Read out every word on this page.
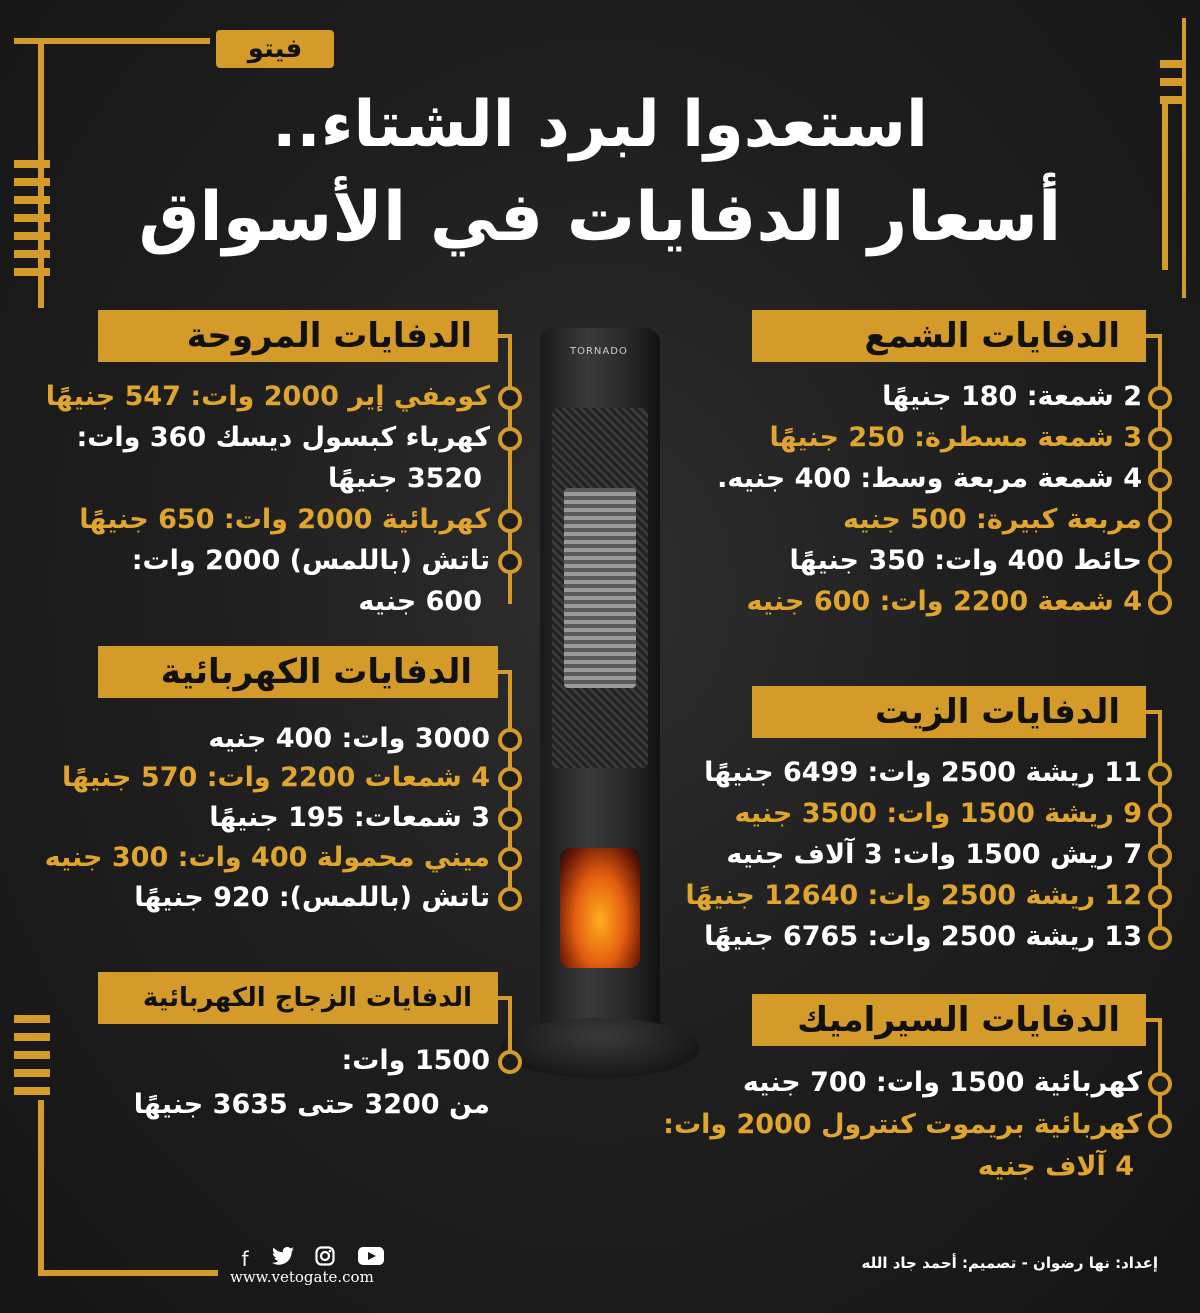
فيتو
استعدوا لبرد الشتاء..
أسعار الدفايات في الأسواق
TORNADO	الدفايات الشمع
2 شمعة: 180 جنيهًا
3 شمعة مسطرة: 250 جنيهًا
4 شمعة مربعة وسط: 400 جنيه.
مربعة كبيرة: 500 جنيه
حائط 400 وات: 350 جنيهًا
4 شمعة 2200 وات: 600 جنيه
الدفايات الزيت
11 ريشة 2500 وات: 6499 جنيهًا
9 ريشة 1500 وات: 3500 جنيه
7 ريش 1500 وات: 3 آلاف جنيه
12 ريشة 2500 وات: 12640 جنيهًا
13 ريشة 2500 وات: 6765 جنيهًا
الدفايات السيراميك
كهربائية 1500 وات: 700 جنيه
كهربائية بريموت كنترول 2000 وات:
4 آلاف جنيه
الدفايات المروحة
كومفي إير 2000 وات: 547 جنيهًا
كهرباء كبسول ديسك 360 وات:
3520 جنيهًا
كهربائية 2000 وات: 650 جنيهًا
تاتش (باللمس) 2000 وات:
600 جنيه
الدفايات الكهربائية
3000 وات: 400 جنيه
4 شمعات 2200 وات: 570 جنيهًا
3 شمعات: 195 جنيهًا
ميني محمولة 400 وات: 300 جنيه
تاتش (باللمس): 920 جنيهًا
الدفايات الزجاج الكهربائية
1500 وات:
من 3200 حتى 3635 جنيهًا
f
www.vetogate.com
إعداد: نها رضوان - تصميم: أحمد جاد الله
